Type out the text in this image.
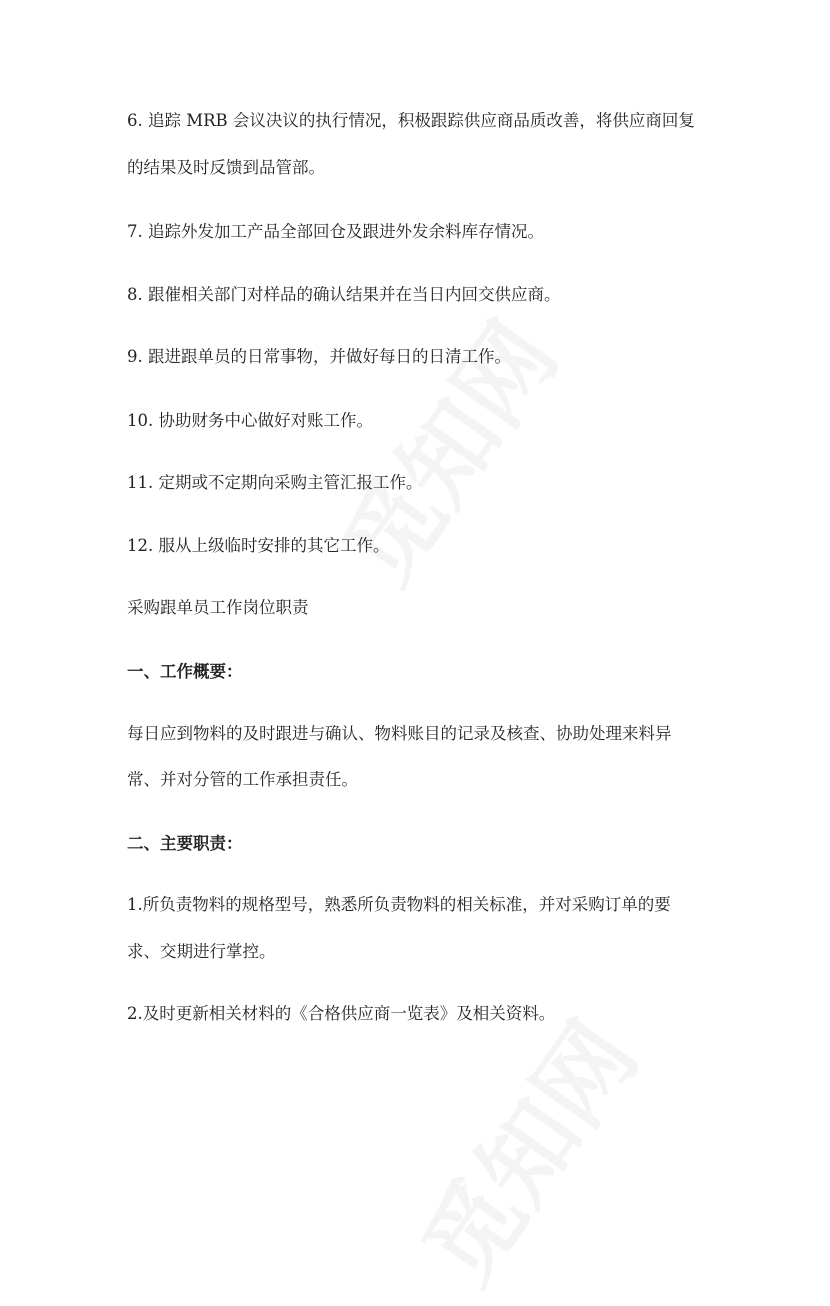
6. 追踪 MRB 会议决议的执行情况，积极跟踪供应商品质改善，将供应商回复
的结果及时反馈到品管部。
7. 追踪外发加工产品全部回仓及跟进外发余料库存情况。
8. 跟催相关部门对样品的确认结果并在当日内回交供应商。
9. 跟进跟单员的日常事物，并做好每日的日清工作。
10. 协助财务中心做好对账工作。
11. 定期或不定期向采购主管汇报工作。
12. 服从上级临时安排的其它工作。
采购跟单员工作岗位职责
一、工作概要：
每日应到物料的及时跟进与确认、物料账目的记录及核查、协助处理来料异
常、并对分管的工作承担责任。
二、主要职责：
1.所负责物料的规格型号，熟悉所负责物料的相关标准，并对采购订单的要
求、交期进行掌控。
2.及时更新相关材料的《合格供应商一览表》及相关资料。
